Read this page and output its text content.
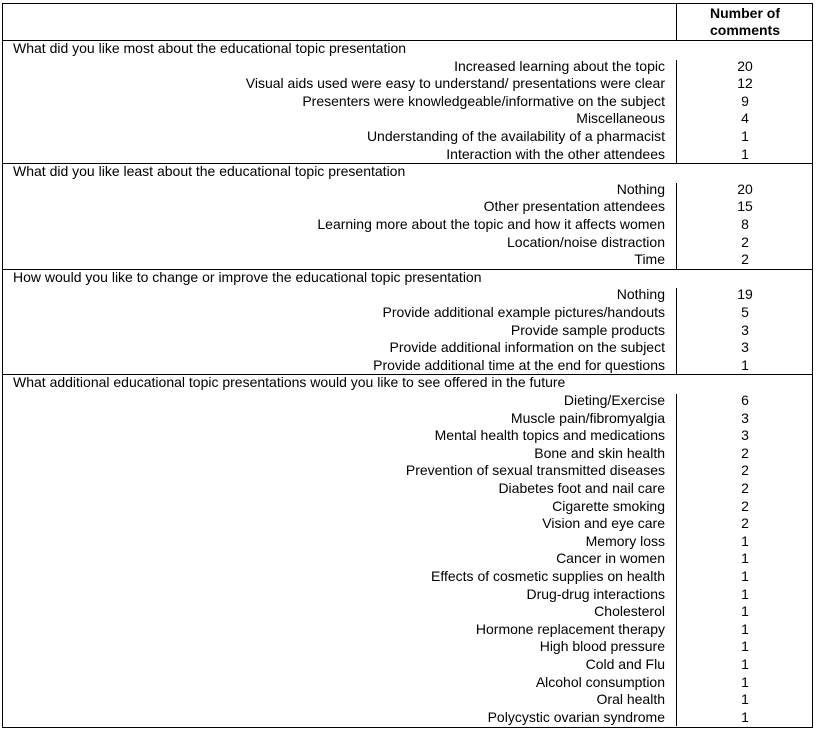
Number of
comments
What did you like most about the educational topic presentation
Increased learning about the topic	20
Visual aids used were easy to understand/ presentations were clear	12
Presenters were knowledgeable/informative on the subject	9
Miscellaneous	4
Understanding of the availability of a pharmacist	1
Interaction with the other attendees	1
What did you like least about the educational topic presentation
Nothing	20
Other presentation attendees	15
Learning more about the topic and how it affects women	8
Location/noise distraction	2
Time	2
How would you like to change or improve the educational topic presentation
Nothing	19
Provide additional example pictures/handouts	5
Provide sample products	3
Provide additional information on the subject	3
Provide additional time at the end for questions	1
What additional educational topic presentations would you like to see offered in the future
Dieting/Exercise	6
Muscle pain/fibromyalgia	3
Mental health topics and medications	3
Bone and skin health	2
Prevention of sexual transmitted diseases	2
Diabetes foot and nail care	2
Cigarette smoking	2
Vision and eye care	2
Memory loss	1
Cancer in women	1
Effects of cosmetic supplies on health	1
Drug-drug interactions	1
Cholesterol	1
Hormone replacement therapy	1
High blood pressure	1
Cold and Flu	1
Alcohol consumption	1
Oral health	1
Polycystic ovarian syndrome	1
